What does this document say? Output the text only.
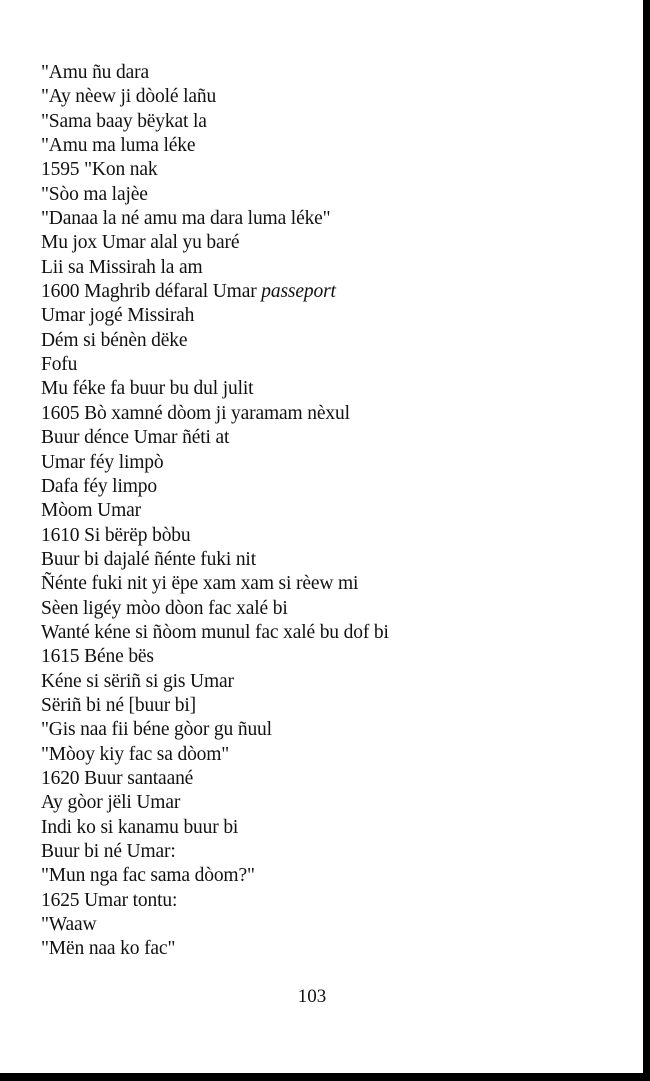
"Amu ñu dara
"Ay nèew ji dòolé lañu
"Sama baay bëykat la
"Amu ma luma léke
1595 "Kon nak
"Sòo ma lajèe
"Danaa la né amu ma dara luma léke"
Mu jox Umar alal yu baré
Lii sa Missirah la am
1600 Maghrib défaral Umar passeport
Umar jogé Missirah
Dém si bénèn dëke
Fofu
Mu féke fa buur bu dul julit
1605 Bò xamné dòom ji yaramam nèxul
Buur dénce Umar ñéti at
Umar féy limpò
Dafa féy limpo
Mòom Umar
1610 Si bërëp bòbu
Buur bi dajalé ñénte fuki nit
Ñénte fuki nit yi ëpe xam xam si rèew mi
Sèen ligéy mòo dòon fac xalé bi
Wanté kéne si ñòom munul fac xalé bu dof bi
1615 Béne bës
Kéne si sëriñ si gis Umar
Sëriñ bi né [buur bi]
"Gis naa fii béne gòor gu ñuul
"Mòoy kiy fac sa dòom"
1620 Buur santaané
Ay gòor jëli Umar
Indi ko si kanamu buur bi
Buur bi né Umar:
"Mun nga fac sama dòom?"
1625 Umar tontu:
"Waaw
"Mën naa ko fac"
103
